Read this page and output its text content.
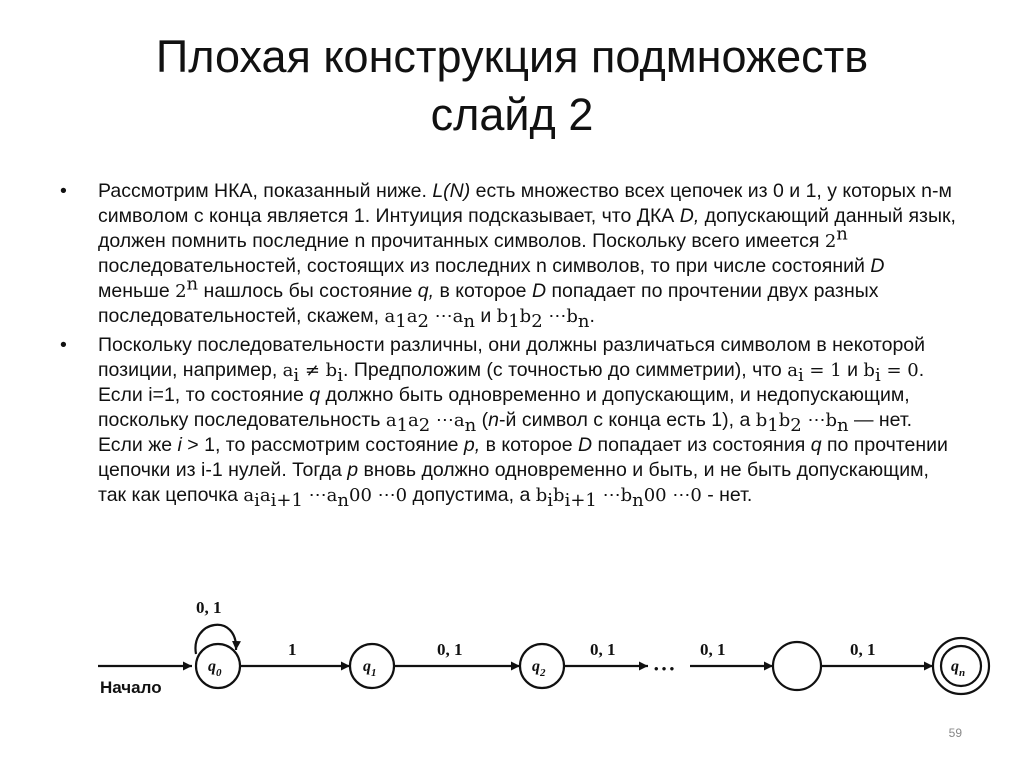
Плохая конструкция подмножеств
слайд 2
• Рассмотрим НКА, показанный ниже. L(N) есть множество всех цепочек из 0 и 1, у которых n-м символом с конца является 1. Интуиция подсказывает, что ДКА D, допускающий данный язык, должен помнить последние n прочитанных символов. Поскольку всего имеется 2$^n$ последовательностей, состоящих из последних n символов, то при числе состояний D меньше 2$^n$ нашлось бы состояние q, в которое D попадает по прочтении двух разных последовательностей, скажем, $a_1a_2$ $\cdots a_n$ и $b_1b_2$ $\cdots b_n$.
• Поскольку последовательности различны, они должны различаться символом в некоторой позиции, например, $a_i \ne b_i$. Предположим (с точностью до симметрии), что $a_i = 1$ и $b_i = 0$. Если i=1, то состояние q должно быть одновременно и допускающим, и недопускающим, поскольку последовательность $a_1a_2$ $\cdots a_n$ (n-й символ с конца есть 1), а $b_1b_2$ $\cdots b_n$ — нет. Если же i > 1, то рассмотрим состояние p, в которое D попадает из состояния q по прочтении цепочки из i-1 нулей. Тогда p вновь должно одновременно и быть, и не быть допускающим, так как цепочка $a_ia_{i+1}$ $\cdots a_n00$ ⋯0 допустима, а $b_ib_{i+1}$ $\cdots b_n00$ ⋯0 - нет.
0, 1
Начало
$q_0$	$q_1$	$q_2$	$q_n$
1	0, 1	0, 1	0, 1	0, 1
• • •
59
